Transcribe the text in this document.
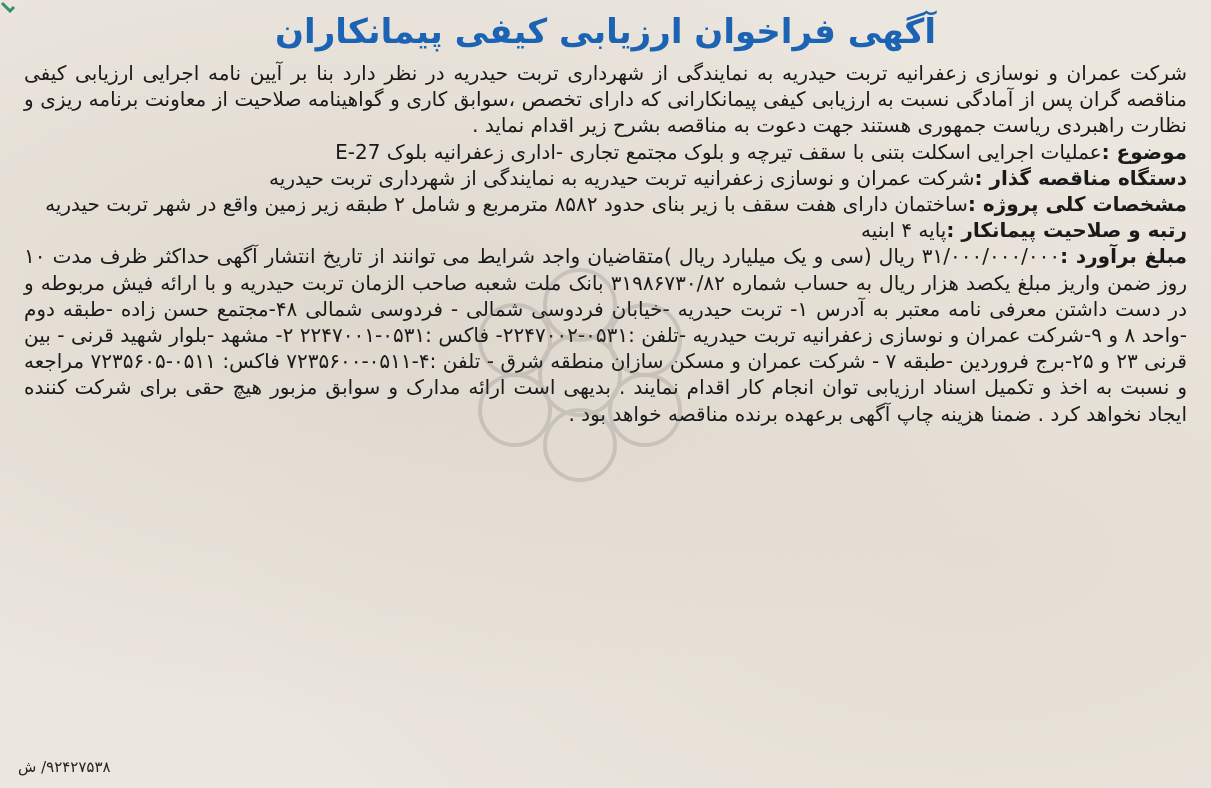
آگهی فراخوان ارزیابی کیفی پیمانکاران

شرکت عمران و نوسازی زعفرانیه تربت حیدریه به نمایندگی از شهرداری تربت حیدریه در نظر دارد بنا بر آیین نامه اجرایی ارزیابی کیفی مناقصه گران پس از آمادگی نسبت به ارزیابی کیفی پیمانکارانی که دارای تخصص ،سوابق کاری و گواهینامه صلاحیت از معاونت برنامه ریزی و نظارت راهبردی ریاست جمهوری هستند جهت دعوت به مناقصه بشرح زیر اقدام نماید .

موضوع :عملیات اجرایی اسکلت بتنی با سقف تیرچه و بلوک مجتمع تجاری -اداری زعفرانیه بلوک E-27

دستگاه مناقصه گذار :شرکت عمران و نوسازی زعفرانیه تربت حیدریه به نمایندگی از شهرداری تربت حیدریه

مشخصات کلی پروژه :ساختمان دارای هفت سقف با زیر بنای حدود ۸۵۸۲ مترمربع و شامل ۲ طبقه زیر زمین واقع در شهر تربت حیدریه

رتبه و صلاحیت پیمانکار :پایه ۴ ابنیه

مبلغ برآورد :۳۱/۰۰۰/۰۰۰/۰۰۰ ریال (سی و یک میلیارد ریال )متقاضیان واجد شرایط می توانند از تاریخ انتشار آگهی حداکثر ظرف مدت ۱۰ روز ضمن واریز مبلغ یکصد هزار ریال به حساب شماره ۳۱۹۸۶۷۳۰/۸۲ بانک ملت شعبه صاحب الزمان تربت حیدریه و با ارائه فیش مربوطه و در دست داشتن معرفی نامه معتبر به آدرس ۱- تربت حیدریه -خیابان فردوسی شمالی - فردوسی شمالی ۴۸-مجتمع حسن زاده -طبقه دوم -واحد ۸ و ۹-شرکت عمران و نوسازی زعفرانیه تربت حیدریه -تلفن :۰۵۳۱-۲۲۴۷۰۰۲- فاکس :۰۵۳۱-۲۲۴۷۰۰۱ ۲- مشهد -بلوار شهید قرنی - بین قرنی ۲۳ و ۲۵-برج فروردین -طبقه ۷ - شرکت عمران و مسکن سازان منطقه شرق - تلفن :۴-۰۵۱۱-۷۲۳۵۶۰۰ فاکس: ۰۵۱۱-۷۲۳۵۶۰۵ مراجعه و نسبت به اخذ و تکمیل اسناد ارزیابی توان انجام کار اقدام نمایند . بدیهی است ارائه مدارک و سوابق مزبور هیچ حقی برای شرکت کننده ایجاد نخواهد کرد . ضمنا هزینه چاپ آگهی برعهده برنده مناقصه خواهد بود .

۹۲۴۲۷۵۳۸/ ش
